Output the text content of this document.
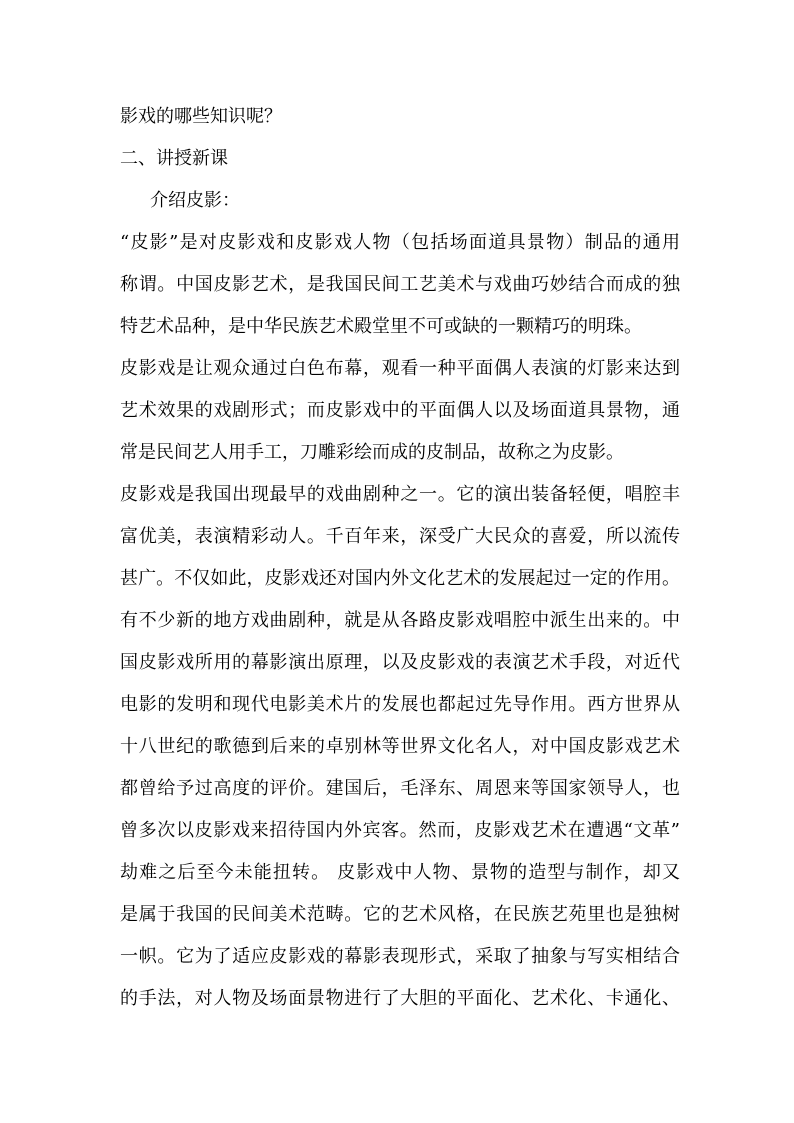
影戏的哪些知识呢？
二、讲授新课
介绍皮影：
“皮影”是对皮影戏和皮影戏人物（包括场面道具景物）制品的通用
称谓。中国皮影艺术，是我国民间工艺美术与戏曲巧妙结合而成的独
特艺术品种，是中华民族艺术殿堂里不可或缺的一颗精巧的明珠。
皮影戏是让观众通过白色布幕，观看一种平面偶人表演的灯影来达到
艺术效果的戏剧形式；而皮影戏中的平面偶人以及场面道具景物，通
常是民间艺人用手工，刀雕彩绘而成的皮制品，故称之为皮影。
皮影戏是我国出现最早的戏曲剧种之一。它的演出装备轻便，唱腔丰
富优美，表演精彩动人。千百年来，深受广大民众的喜爱，所以流传
甚广。不仅如此，皮影戏还对国内外文化艺术的发展起过一定的作用。
有不少新的地方戏曲剧种，就是从各路皮影戏唱腔中派生出来的。中
国皮影戏所用的幕影演出原理，以及皮影戏的表演艺术手段，对近代
电影的发明和现代电影美术片的发展也都起过先导作用。西方世界从
十八世纪的歌德到后来的卓别林等世界文化名人，对中国皮影戏艺术
都曾给予过高度的评价。建国后，毛泽东、周恩来等国家领导人，也
曾多次以皮影戏来招待国内外宾客。然而，皮影戏艺术在遭遇“文革”
劫难之后至今未能扭转。 皮影戏中人物、景物的造型与制作，却又
是属于我国的民间美术范畴。它的艺术风格，在民族艺苑里也是独树
一帜。它为了适应皮影戏的幕影表现形式，采取了抽象与写实相结合
的手法，对人物及场面景物进行了大胆的平面化、艺术化、卡通化、
